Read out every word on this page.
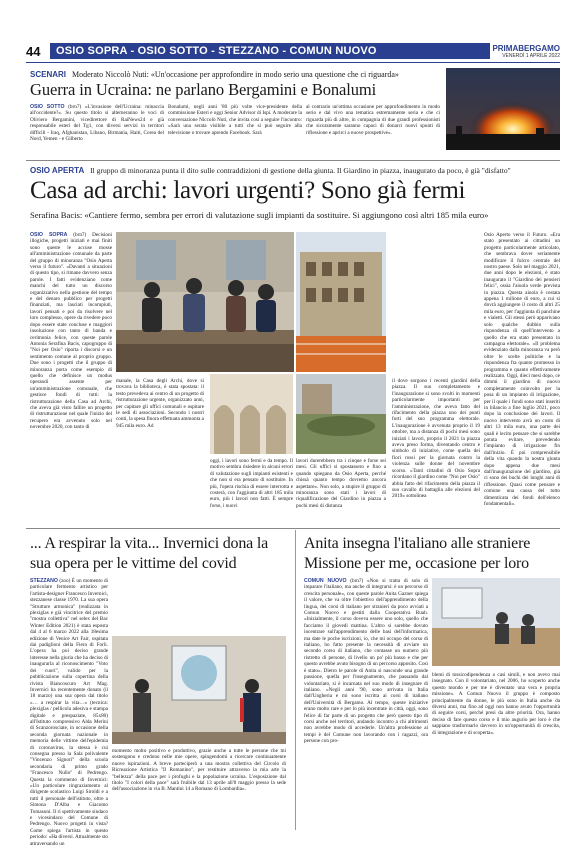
44	OSIO SOPRA - OSIO SOTTO - STEZZANO - COMUN NUOVO	PRIMABERGAMO
VENERDÌ 1 APRILE 2022
SCENARI Moderato Niccolò Nuti: «Un'occasione per approfondire in modo serio una questione che ci riguarda»
Guerra in Ucraina: ne parlano Bergamini e Bonalumi
OSIO SOTTO (brn7) «L'invasione dell'Ucraina: minaccia all'occidente?». Su questo titolo si alterneranno le voci di Oliviero Bergamini, vicedirettore di RaiNews24 e già responsabile esteri del Tg1, con diversi servizi in territori difficili - Iraq, Afghanistan, Libano, Birmania, Haiti, Corea del Nord, Yemen - e Gilberto
Bonalumi, negli anni '80 più volte vice-presidente della commissione Esteri e oggi Senior Advisor di Ispi. A moderare la conversazione Niccolò Nuti, che invita così a seguire l'incontro: «Sarà una serata visibile a tutti che si può seguire alla televisione o trovare aprendo Facebook. Sarà
al contrario un'ottima occasione per approfondimento in modo serio e dal vivo una tematica estremamente seria e che ci riguarda più di altre, in compagnia di due grandi professionisti che sicuramente saranno capaci di donarci nuovi spunti di riflessione e aprirci a nuove prospettive».
OSIO APERTA Il gruppo di minoranza punta il dito sulle contraddizioni di gestione della giunta. Il Giardino in piazza, inaugurato da poco, è già "disfatto"
Casa ad archi: lavori urgenti? Sono già fermi
Serafina Bacis: «Cantiere fermo, sembra per errori di valutazione sugli impianti da sostituire. Si aggiungono così altri 185 mila euro»
OSIO SOPRA (brn7) Decisioni illogiche, progetti iniziati e mai finiti sono queste le accuse mosse all'amministrazione comunale da parte del gruppo di minoranza "Osio Aperta verso il futuro". «Davanti a situazioni di questo tipo, si rimane davvero senza parole. I fatti evidenziano come manchi del tutto un discorso organizzativo nella gestione del tempo e del denaro pubblico per progetti finanziati, ma lasciati incompiuti, lavori pensati e poi da risolvere nel loro complesso, opere da rivedere poco dopo essere state concluse e maggiori insoluzione con tanto di banda e cerimonia felice, con queste parole Antonia Serafina Bacis, capogruppo di "Noi per Osio" riporta i discorsi e un sentimento comune al proprio gruppo. Due sono i progetti che il gruppo di minoranza porta come esempio di quello che definisce un modus operandi assente per un'amministrazione comunale, che gestisce fondi di tutti: la ristrutturazione della Casa ad Archi, che aveva già visto fallire un progetto di ristrutturazione nel quale l'inizio del recupero era avvenuto solo nel novembre 2020, con tanto di
manale, la Casa degli Archi, dove si trovava la biblioteca, è stata spostata: il testo prevedeva ai centro di un progetto di ristrutturazione urgente, organizzato anni, per capitare gli uffici comunali e ospitare le sedi di associazioni. Secondo i nostri conti, la spesa finora effettuata ammonta a 945 mila euro. Ad
oggi, i lavori sono fermi e da tempo. Il motivo sembra risiedere in alcuni errori di valutazione sugli impianti esistenti e che non si era pensato di sostituire. In più, l'opera rischia di essere interrotta e costerà, con l'aggiunta di altri 185 mila euro, più i lavori non fatti. È sempre forse, i nuovi
lavori durerebbero tra i cinque e forse sei mesi. Gli uffici si spostassero e fino a quando spiegano da Osio Aperta, perché chissà quanto tempo dovremo ancora aspettare». Non solo, a stupire il gruppo di minoranza sono stati i lavori di riqualificazione del Giardino in piazza a pochi mesi di distanza
il dove sorgono i recenti giardini della piazza. Il suo completamento e l'inaugurazione si sono svolti in momenti particolarmente importanti per l'amministrazione, che aveva fatto del rifacimento della piazza uno dei punti forti del suo programma elettorale. L'inaugurazione è avvenuta proprio il 19 ottobre, ma a distanza di pochi mesi sono iniziati i lavori, proprio il 2021 la piazza aveva preso forma, diventando centro e simbolo di iniziative, come quella dei fiori rossi per la giornata contro la violenza sulle donne del novembre scorso. «Tanti cittadini di Osio Sopra ricordano il giardino come "Noi per Osio" abbia fatto del rifacimento della piazza il suo cavallo di battaglia alle elezioni del 2019» sottolinea
Osio Aperto verso il Futuro. «Era stato presentato ai cittadini un progetto particolarmente articolato, che sembrava dover seriamente modificare il fulcro centrale del nostro paese. Solo nel maggio 2021, due anni dopo le elezioni, è stato inaugurato il "Giardino dei pensieri felici", ossia l'aiuola verde prevista in piazza. Questa aiuola è costata appena 1 milione di euro, a cui si dovrà aggiungere il costo di altri 25 mila euro, per l'aggiunta di panchine e vialetti. Gli stessi però apparivano solo qualche dubbio sulla rispondenza di quell'intervento a quello che era stato presentato in campagna elettorale». «Il problema evidenziato dalla minoranza va però oltre le scelte politiche e la rispondenza fra quanto promesso in programma e quanto effettivamente realizzato. Oggi, dieci mesi dopo, ce dimmi il giardino di nuovo completamente coinvolto per la posa di un impianto di irrigazione, per il quale i fondi sono stati inseriti in bilancio a fine luglio 2021, poco dopo la conclusione dei lavori. Il nuovo intervento avrà un costo di altri 13 mila euro, una parte dei quali è lecito pensare che si sarebbe potuta evitare, prevedendo l'impianto di irrigazione fin dall'inizio. È poi comprensibile della vita quando la nostra giunta dopo appena due mesi dall'inaugurazione del giardino, già ci sono dei buchi dei lunghi anni di riflessione. Quasi come pensare e comune una causa del tutto dimenticata dei fondi dell'elenco fondamentali».
... A respirar la vita... Invernici dona la sua opera per le vittime del covid
STEZZANO (zoo) È un momento di particolare fermento artistico per l'artista-designer Francesco Invernici, stezzanese classe 1970. La sua opera "Strutture armonica" (realizzata in plexiglas e già vincitrice del premio "mostra collettiva" nel selex del Bac Winter Edition 2021) è stata esposta dal 4 al 6 marzo 2022 alla 18esima edizione di Venice Art Fair, ospitata dai padiglioni della Fiera di Forlì. L'opera ha poi deciso grande interesse nella giuria che ha deciso di inaugurarla al riconoscimento "Voto dei cuori", valido per la pubblicazione sulla copertina della rivista Biancoscuro Art Mag. Invernici ha recentemente donato (il 18 marzo) una sua opera dal titolo «… a respirar la vita…» (tecnica: plexiglas / pellicola adesiva e stampa digitale e prespaziate, 85x80) all'Istituto comprensivo Alda Merini di Scanzorosciate, in occasione della seconda giornata nazionale in memoria delle vittime dell'epidemia di coronavirus, la stessa è cui consegna presso la Sala polivalente "Vincenzo Signori" della scuola secondaria di primo grado "Francesco Nullo" di Pedrengo. Questa la commento di Invernici: «Un particolare ringraziamento al dirigente scolastico Luigi Siroldi e a tutti il personale dell'istituto, oltre a Simona D'Alba e Giacomo Tomasoni. Il ri spettivamente sindaco e vicesindaco del Comune di Pedrengo. Nuovo progetti in vista? Come spiega l'artista in questo periodo: «Ha diversi. Attualmente sto attraversando un
momento molto positivo e produttivo, grazie anche a tutte le persone che mi sostengono e credono nelle mie opere, spingendomi a ricercare continuamente nuove ispirazioni. A breve parteciperò a una mostra collettiva del Circolo di Ricreazione Artistica "Il Romanino", per restituire attraverso la mia arte la "bellezza" della pace per i profughi e la popolazione ucraina. L'esposizione dal titolo "I colori della pace" sarà fruibile dal 13 aprile all'8 maggio presso la sede dell'associazione in via B. Mantini 14 a Romano di Lombardia».
Anita insegna l'italiano alle straniere Missione per me, occasione per loro
COMUN NUOVO (brn7) «Non si tratta di solo di imparare l'italiano, ma anche di integrarsi: è un percorso di crescita personale», con queste parole Anita Gazner spiega il valore, che va oltre l'obiettivo dell'apprendimento della lingua, dei corsi di italiano per stranieri da poco avviati a Comun Nuovo e gestiti dalla Cooperativa Ruah. «Inizialmente, il corso doveva essere uno solo, quello che facciamo il giovedì mattina. L'altro si sarebbe dovuto incentrare sull'apprendimento delle basi dell'informatica, ma date le poche iscrizioni, io, che mi occupo del corso di italiano, ho fatto presente la necessità di avviare un secondo corso di italiano, che contasse un numero più ristretto di persone, di livello un po' più basso e che per questo avrebbe avuto bisogno di un percorso apposito. Così è stato». Dietro le parole di Anita si nasconde una grande passione, quella per l'insegnamento, che passando dal volontariato, si è incarnata nel suo modo di insegnare di italiano. «Negli anni '90, sono arrivata in Italia dall'Ungheria e mi sono iscritta ai corsi di italiano dell'Università di Bergamo. Al tempo, queste iniziative erano molto rare e per lo più incentrate in città, oggi, sono felice di far parte di un progetto che però questo tipo di corsi anche nel territori, andando incontro a chi altrimenti non avrebbe modo di accederle. Un'altra professione ai tempi è del Comune non lavorando con i ragazzi, ora persone con pro-
blemi di tossicodipendenza o casi simili, e non avevo mai insegnato. Con il volontariato, nel 2006, ho scoperto anche questo mondo e per me è diventato una vera e propria missione». A Comun Nuovo il gruppo è composto principalmente da donne, le più sono in Italia anche da diversi anni, ma fino ad oggi non hanno avuto l'opportunità di seguire corsi, perché presi da altre priorità. Ora, hanno deciso di fare questo corso e il mio augurio per loro è che sappiano trasformarlo davvero in un'opportunità di crescita, di integrazione e di scoperta».
